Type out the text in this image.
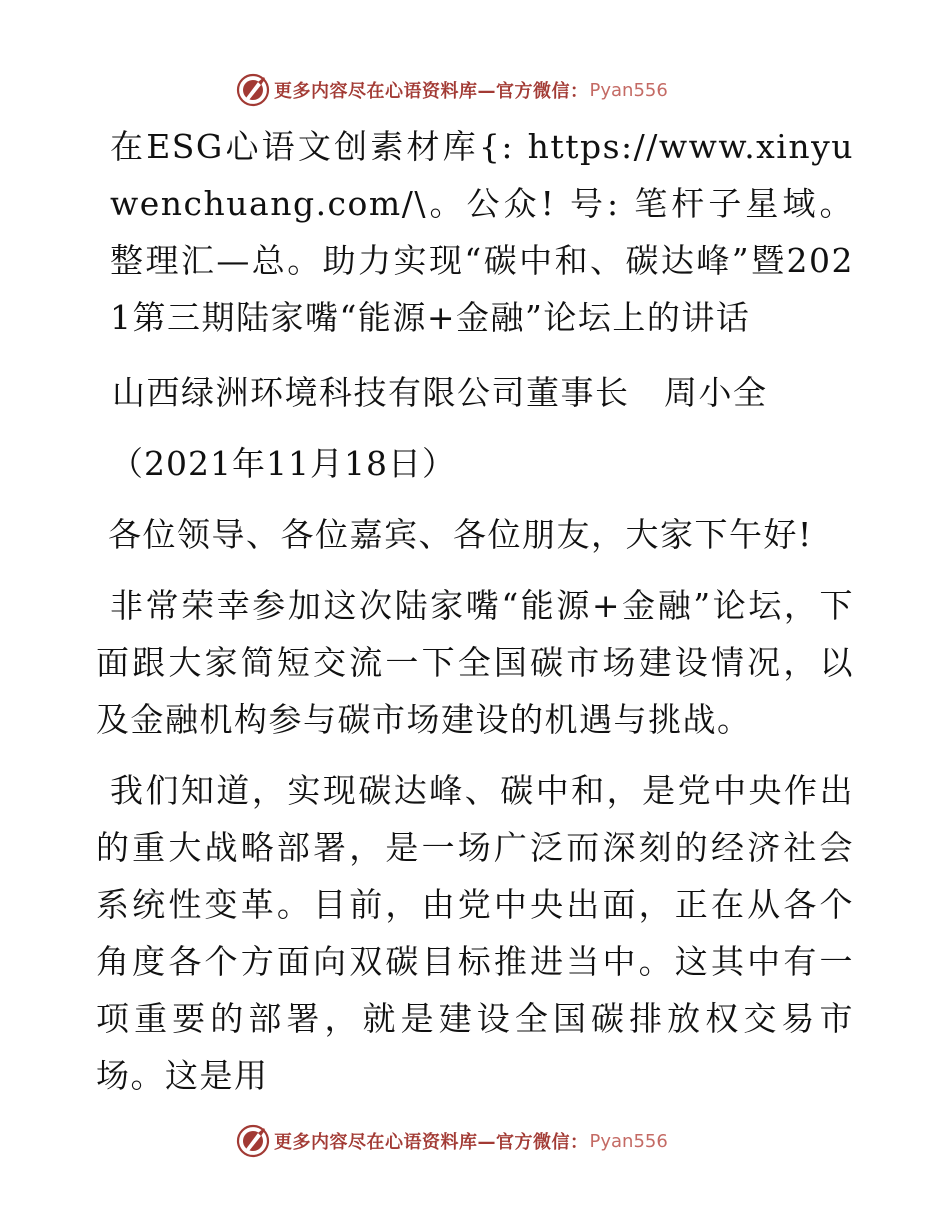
更多内容尽在心语资料库—官方微信： Pyan556

在ESG心语文创素材库{: https://www.xinyuwenchuang.com/\。公众! 号: 笔杆子星域。整理汇—总。助力实现“碳中和、碳达峰”暨2021第三期陆家嘴“能源+金融”论坛上的讲话

山西绿洲环境科技有限公司董事长　周小全

（2021年11月18日）

各位领导、各位嘉宾、各位朋友，大家下午好!

非常荣幸参加这次陆家嘴“能源+金融”论坛，下面跟大家简短交流一下全国碳市场建设情况，以及金融机构参与碳市场建设的机遇与挑战。

我们知道，实现碳达峰、碳中和，是党中央作出的重大战略部署，是一场广泛而深刻的经济社会系统性变革。目前，由党中央出面，正在从各个角度各个方面向双碳目标推进当中。这其中有一项重要的部署，就是建设全国碳排放权交易市场。这是用

更多内容尽在心语资料库—官方微信： Pyan556
